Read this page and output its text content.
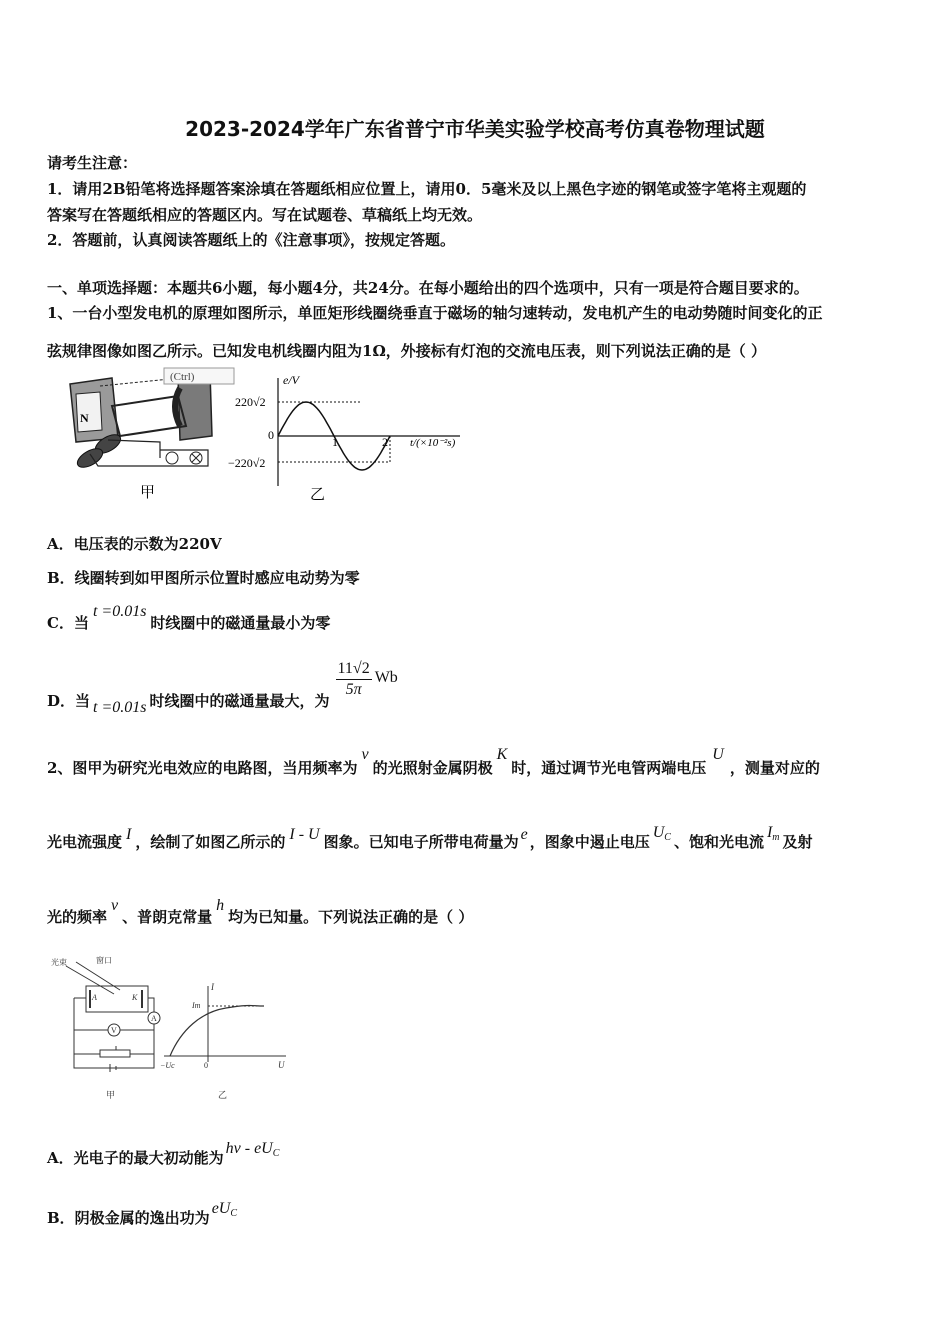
2023-2024学年广东省普宁市华美实验学校高考仿真卷物理试题
请考生注意：
1．请用2B铅笔将选择题答案涂填在答题纸相应位置上，请用0．5毫米及以上黑色字迹的钢笔或签字笔将主观题的
答案写在答题纸相应的答题区内。写在试题卷、草稿纸上均无效。
2．答题前，认真阅读答题纸上的《注意事项》，按规定答题。
一、单项选择题：本题共6小题，每小题4分，共24分。在每小题给出的四个选项中，只有一项是符合题目要求的。
1、一台小型发电机的原理如图所示，单匝矩形线圈绕垂直于磁场的轴匀速转动，发电机产生的电动势随时间变化的正
弦规律图像如图乙所示。已知发电机线圈内阻为1Ω，外接标有灯泡的交流电压表，则下列说法正确的是（ ）
N
(Ctrl)
甲
e/V
t/(×10⁻²s)
220√2
0
−220√2
1	2
乙
A．电压表的示数为220V
B．线圈转到如甲图所示位置时感应电动势为零
C．当t =0.01s时线圈中的磁通量最小为零
D．当 t =0.01s 时线圈中的磁通量最大，为
$\frac{11√2}{5\pi}$ Wb
2、图甲为研究光电效应的电路图，当用频率为v的光照射金属阴极K时，通过调节光电管两端电压U，测量对应的
光电流强度 I ，绘制了如图乙所示的 I - U 图象。已知电子所带电荷量为 e ，图象中遏止电压$U_C$ 、饱和光电流$I_m$ 及射
光的频率v、普朗克常量h均为已知量。下列说法正确的是（ ）
光束	窗口
A	K
A
V
甲
I
Im
−Uc	0	U
乙
A．光电子的最大初动能为hv - $eU_C$
B．阴极金属的逸出功为$eU_C$
